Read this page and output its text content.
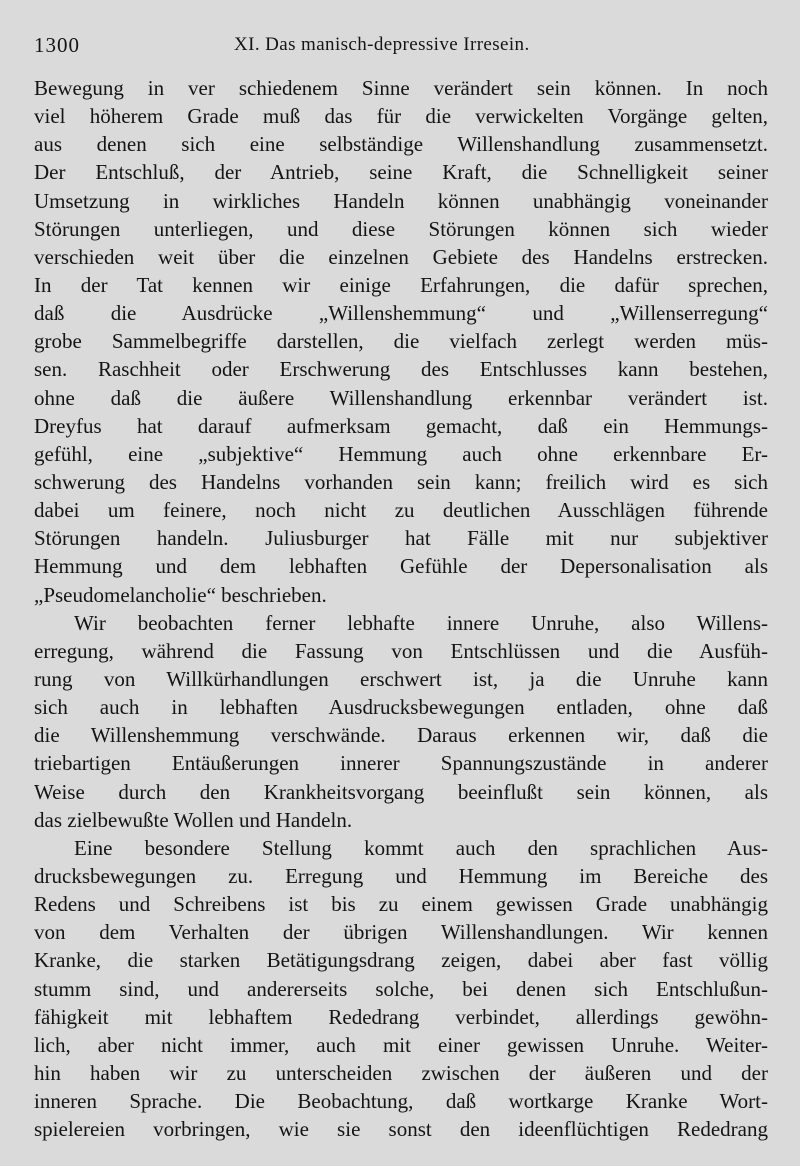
1300	XI. Das manisch-depressive Irresein.
Bewegung in ver schiedenem Sinne verändert sein können. In noch
viel höherem Grade muß das für die verwickelten Vorgänge gelten,
aus denen sich eine selbständige Willenshandlung zusammensetzt.
Der Entschluß, der Antrieb, seine Kraft, die Schnelligkeit seiner
Umsetzung in wirkliches Handeln können unabhängig voneinander
Störungen unterliegen, und diese Störungen können sich wieder
verschieden weit über die einzelnen Gebiete des Handelns erstrecken.
In der Tat kennen wir einige Erfahrungen, die dafür sprechen,
daß die Ausdrücke „Willenshemmung“ und „Willenserregung“
grobe Sammelbegriffe darstellen, die vielfach zerlegt werden müs-
sen. Raschheit oder Erschwerung des Entschlusses kann bestehen,
ohne daß die äußere Willenshandlung erkennbar verändert ist.
Dreyfus hat darauf aufmerksam gemacht, daß ein Hemmungs-
gefühl, eine „subjektive“ Hemmung auch ohne erkennbare Er-
schwerung des Handelns vorhanden sein kann; freilich wird es sich
dabei um feinere, noch nicht zu deutlichen Ausschlägen führende
Störungen handeln. Juliusburger hat Fälle mit nur subjektiver
Hemmung und dem lebhaften Gefühle der Depersonalisation als
„Pseudomelancholie“ beschrieben.
Wir beobachten ferner lebhafte innere Unruhe, also Willens-
erregung, während die Fassung von Entschlüssen und die Ausfüh-
rung von Willkürhandlungen erschwert ist, ja die Unruhe kann
sich auch in lebhaften Ausdrucksbewegungen entladen, ohne daß
die Willenshemmung verschwände. Daraus erkennen wir, daß die
triebartigen Entäußerungen innerer Spannungszustände in anderer
Weise durch den Krankheitsvorgang beeinflußt sein können, als
das zielbewußte Wollen und Handeln.
Eine besondere Stellung kommt auch den sprachlichen Aus-
drucksbewegungen zu. Erregung und Hemmung im Bereiche des
Redens und Schreibens ist bis zu einem gewissen Grade unabhängig
von dem Verhalten der übrigen Willenshandlungen. Wir kennen
Kranke, die starken Betätigungsdrang zeigen, dabei aber fast völlig
stumm sind, und andererseits solche, bei denen sich Entschlußun-
fähigkeit mit lebhaftem Rededrang verbindet, allerdings gewöhn-
lich, aber nicht immer, auch mit einer gewissen Unruhe. Weiter-
hin haben wir zu unterscheiden zwischen der äußeren und der
inneren Sprache. Die Beobachtung, daß wortkarge Kranke Wort-
spielereien vorbringen, wie sie sonst den ideenflüchtigen Rededrang
